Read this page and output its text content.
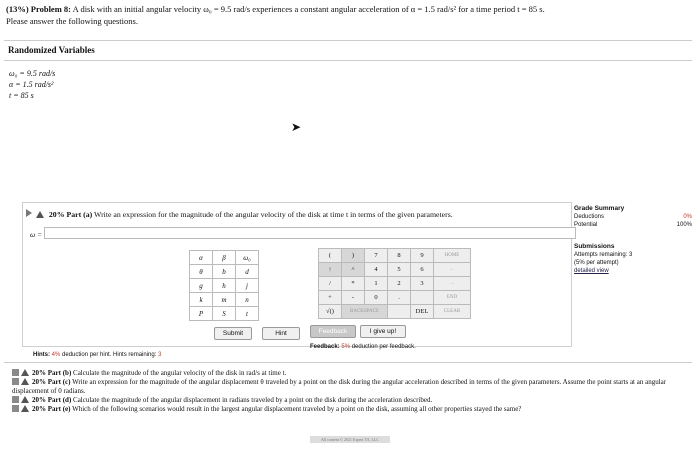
(13%) Problem 8: A disk with an initial angular velocity ω₀ = 9.5 rad/s experiences a constant angular acceleration of α = 1.5 rad/s² for a time period t = 85 s.
Please answer the following questions.
Randomized Variables
ω₀ = 9.5 rad/s
α = 1.5 rad/s²
t = 85 s
➤
20% Part (a) Write an expression for the magnitude of the angular velocity of the disk at time t in terms of the given parameters.
ω =
Grade Summary
Deductions	0%
Potential	100%
Submissions
Attempts remaining: 3
(5% per attempt)
detailed view
α	β	ω₀
θ	b	d
g	h	j
k	m	n
P	S	t
(	)	7	8	9	HOME
↑	^	4	5	6	←
/	*	1	2	3	→
+	-	0	.		END
√()	BACKSPACE			DEL	CLEAR
Submit	Hint	Feedback	I give up!
Hints: 4% deduction per hint. Hints remaining: 3
Feedback: 5% deduction per feedback.
20% Part (b) Calculate the magnitude of the angular velocity of the disk in rad/s at time t.
20% Part (c) Write an expression for the magnitude of the angular displacement θ traveled by a point on the disk during the angular acceleration described in terms of the given parameters. Assume the point starts at an angular displacement of 0 radians.
20% Part (d) Calculate the magnitude of the angular displacement in radians traveled by a point on the disk during the acceleration described.
20% Part (e) Which of the following scenarios would result in the largest angular displacement traveled by a point on the disk, assuming all other properties stayed the same?
All content © 2021 Expert TA, LLC
